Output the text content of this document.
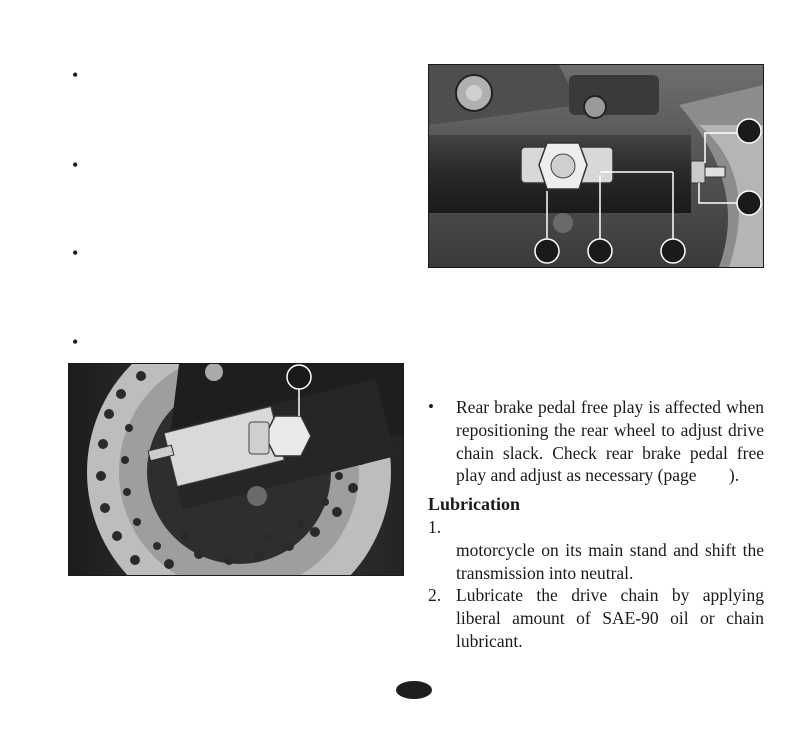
•
•
•
•
• Rear brake pedal free play is affected when repositioning the rear wheel to adjust drive chain slack. Check rear brake pedal free play and adjust as necessary (page ).
Lubrication
1.
motorcycle on its main stand and shift the transmission into neutral.
2. Lubricate the drive chain by applying liberal amount of SAE-90 oil or chain lubricant.
